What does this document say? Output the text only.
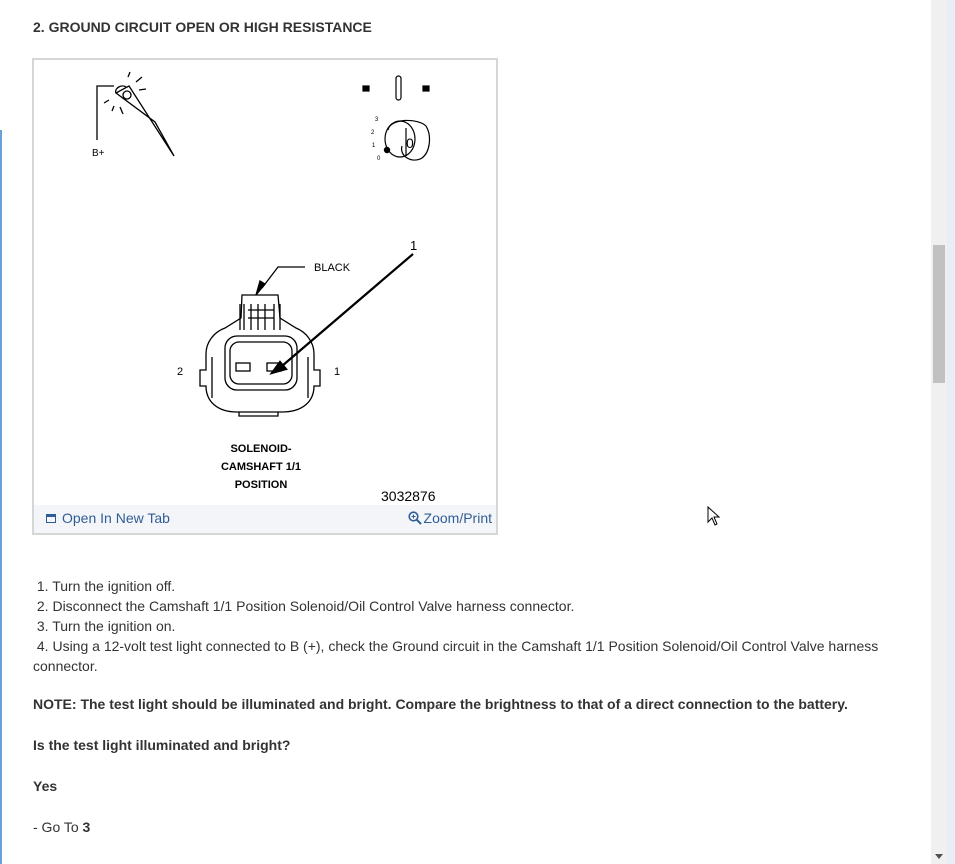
2. GROUND CIRCUIT OPEN OR HIGH RESISTANCE
B+
3
2
1
0
0
BLACK
1
2	1
SOLENOID-
CAMSHAFT 1/1
POSITION
3032876
Open In New Tab	Zoom/Print
1. Turn the ignition off.
2. Disconnect the Camshaft 1/1 Position Solenoid/Oil Control Valve harness connector.
3. Turn the ignition on.
4. Using a 12-volt test light connected to B (+), check the Ground circuit in the Camshaft 1/1 Position Solenoid/Oil Control Valve harness connector.
NOTE: The test light should be illuminated and bright. Compare the brightness to that of a direct connection to the battery.
Is the test light illuminated and bright?
Yes
- Go To 3
